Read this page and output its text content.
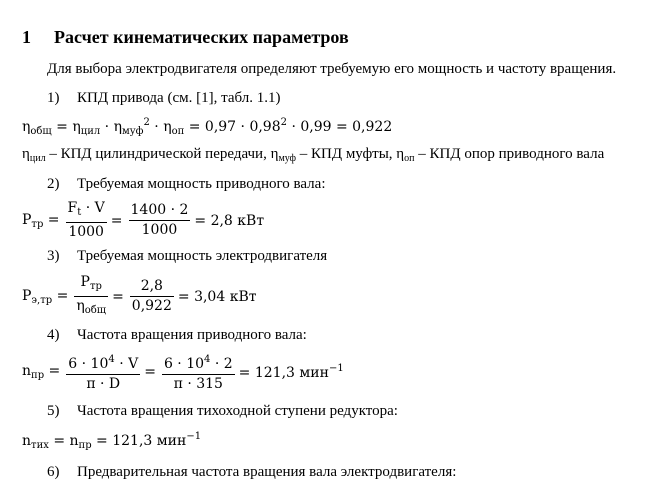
1 Расчет кинематических параметров
Для выбора электродвигателя определяют требуемую его мощность и частоту вращения.
1) КПД привода (см. [1], табл. 1.1)
$\eta_{общ} = \eta_{цил} \cdot \eta_{муф}^2 \cdot \eta_{оп} = 0,97 \cdot 0,98^2 \cdot 0,99 = 0,922$
$\eta_{цил}$ – КПД цилиндрической передачи, $\eta_{муф}$ – КПД муфты, $\eta_{оп}$ – КПД опор приводного вала
2) Требуемая мощность приводного вала:
$P_{тр} = \frac{F_t \cdot V}{1000} = \frac{1400 \cdot 2}{1000} = 2,8$ кВт
3) Требуемая мощность электродвигателя
$P_{э,тр} = \frac{P_{тр}}{\eta_{общ}} = \frac{2,8}{0,922} = 3,04$ кВт
4) Частота вращения приводного вала:
$n_{пр} = \frac{6 \cdot 10^4 \cdot V}{\pi \cdot D} = \frac{6 \cdot 10^4 \cdot 2}{\pi \cdot 315} = 121,3$ мин$^{-1}$
5) Частота вращения тихоходной ступени редуктора:
$n_{тих} = n_{пр} = 121,3$ мин$^{-1}$
6) Предварительная частота вращения вала электродвигателя:
